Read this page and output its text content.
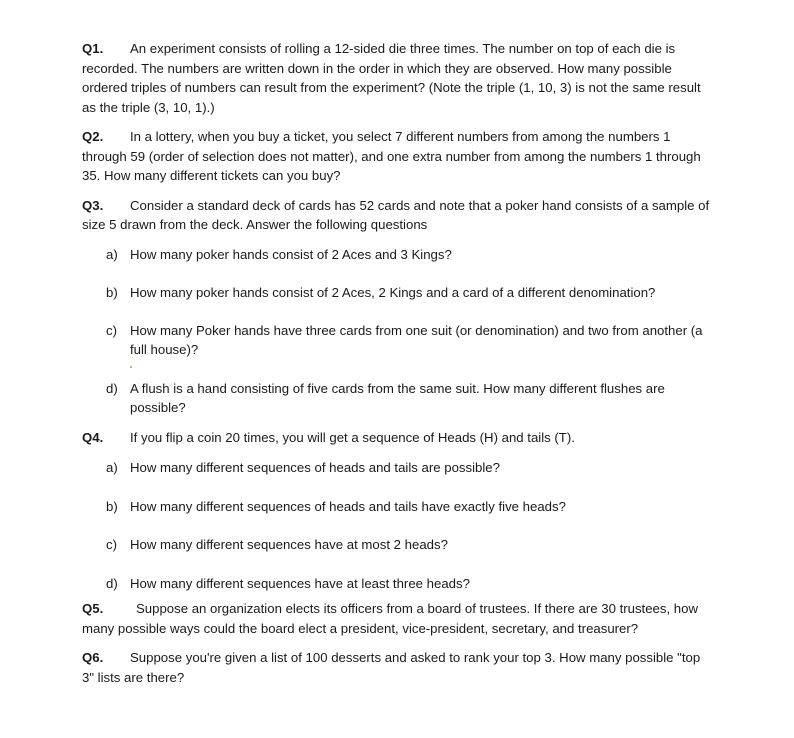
Q1. An experiment consists of rolling a 12-sided die three times. The number on top of each die is recorded. The numbers are written down in the order in which they are observed. How many possible ordered triples of numbers can result from the experiment? (Note the triple (1, 10, 3) is not the same result as the triple (3, 10, 1).)

Q2. In a lottery, when you buy a ticket, you select 7 different numbers from among the numbers 1 through 59 (order of selection does not matter), and one extra number from among the numbers 1 through 35. How many different tickets can you buy?

Q3. Consider a standard deck of cards has 52 cards and note that a poker hand consists of a sample of size 5 drawn from the deck. Answer the following questions

a) How many poker hands consist of 2 Aces and 3 Kings?
b) How many poker hands consist of 2 Aces, 2 Kings and a card of a different denomination?
c) How many Poker hands have three cards from one suit (or denomination) and two from another (a full house)?
d) A flush is a hand consisting of five cards from the same suit. How many different flushes are possible?

Q4. If you flip a coin 20 times, you will get a sequence of Heads (H) and tails (T).

a) How many different sequences of heads and tails are possible?
b) How many different sequences of heads and tails have exactly five heads?
c) How many different sequences have at most 2 heads?
d) How many different sequences have at least three heads?

Q5. Suppose an organization elects its officers from a board of trustees. If there are 30 trustees, how many possible ways could the board elect a president, vice-president, secretary, and treasurer?

Q6. Suppose you're given a list of 100 desserts and asked to rank your top 3. How many possible "top 3" lists are there?
